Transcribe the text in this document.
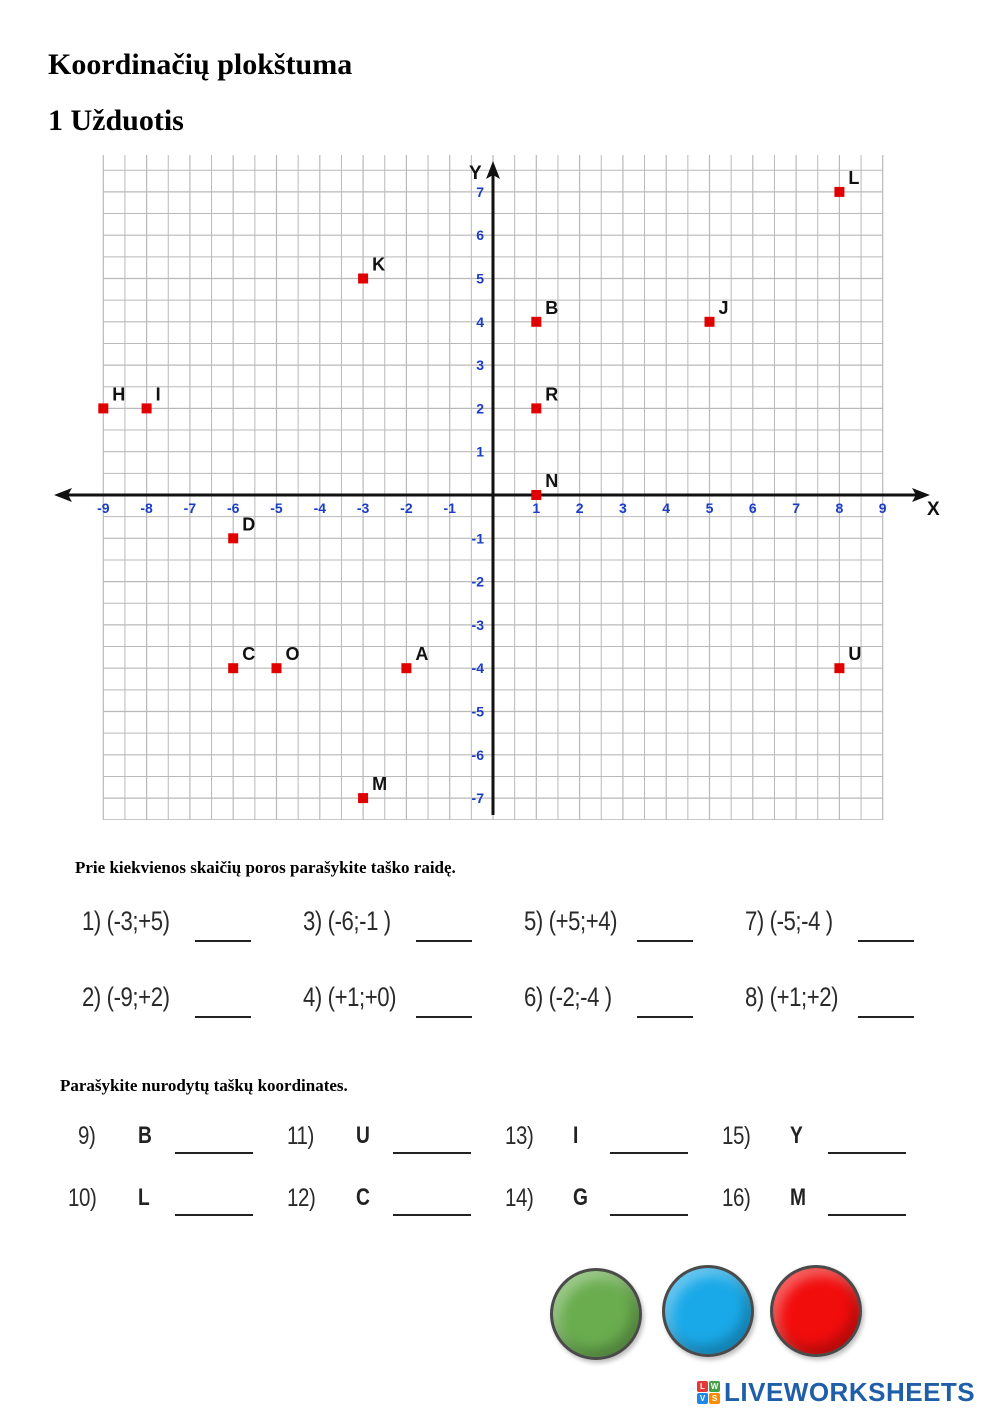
Koordinačių plokštuma
1 Užduotis
X
Y
-9 -8 -7 -6 -5 -4 -3 -2 -1	1	2	3	4	5	6	7	8	9
7
6
5
4
3
2
1
-1
-2
-3
-4
-5
-6
-7
K
L
B	J
H I	R
N
D
C O	A	U
M
Prie kiekvienos skaičių poros parašykite taško raidę.
1) (-3;+5)
2) (-9;+2)
3) (-6;-1 )
4) (+1;+0)
5) (+5;+4)
6) (-2;-4 )
7) (-5;-4 )
8) (+1;+2)
Parašykite nurodytų taškų koordinates.
9) B
10) L
11) U
12) C
13) I
14) G
15) Y
16) M
L W
V S LIVEWORKSHEETS
